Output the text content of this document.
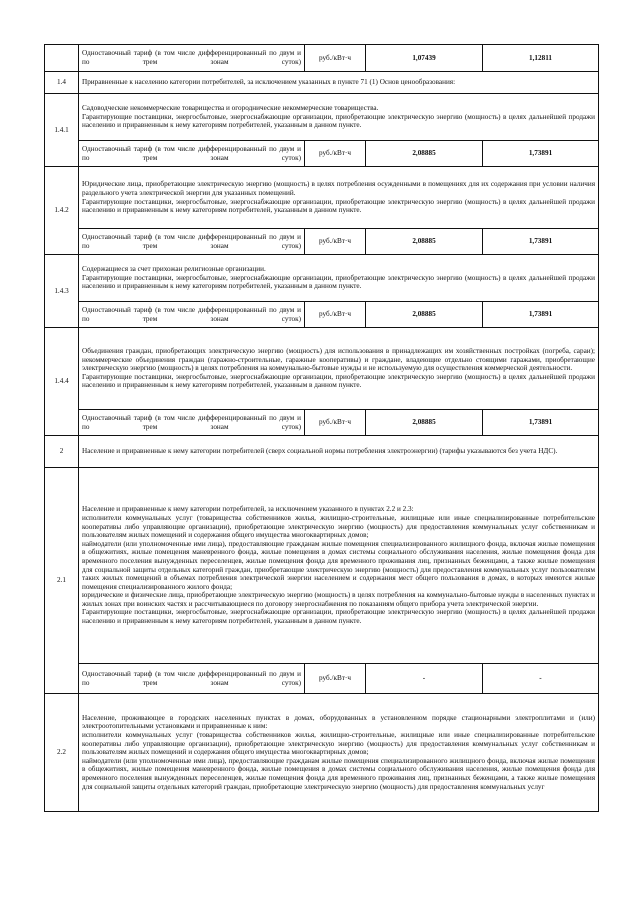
	Одноставочный тариф (в том числе дифференцированный по двум и по трем зонам суток)	руб./кВт·ч	1,07439	1,12811
1.4	Приравненные к населению категории потребителей, за исключением указанных в пункте 71 (1) Основ ценообразования:			
1.4.1	Садоводческие некоммерческие товарищества и огороднические некоммерческие товарищества.
Гарантирующие поставщики, энергосбытовые, энергоснабжающие организации, приобретающие электрическую энергию (мощность) в целях дальнейшей продажи населению и приравненным к нему категориям потребителей, указанным в данном пункте.			

	Одноставочный тариф (в том числе дифференцированный по двум и по трем зонам суток)	руб./кВт·ч	2,08885	1,73891
1.4.2	Юридические лица, приобретающие электрическую энергию (мощность) в целях потребления осужденными в помещениях для их содержания при условии наличия раздельного учета электрической энергии для указанных помещений.
Гарантирующие поставщики, энергосбытовые, энергоснабжающие организации, приобретающие электрическую энергию (мощность) в целях дальнейшей продажи населению и приравненным к нему категориям потребителей, указанным в данном пункте.			

	Одноставочный тариф (в том числе дифференцированный по двум и по трем зонам суток)	руб./кВт·ч	2,08885	1,73891
1.4.3	Содержащиеся за счет прихожан религиозные организации.
Гарантирующие поставщики, энергосбытовые, энергоснабжающие организации, приобретающие электрическую энергию (мощность) в целях дальнейшей продажи населению и приравненным к нему категориям потребителей, указанным в данном пункте.			

	Одноставочный тариф (в том числе дифференцированный по двум и по трем зонам суток)	руб./кВт·ч	2,08885	1,73891
1.4.4	Объединения граждан, приобретающих электрическую энергию (мощность) для использования в принадлежащих им хозяйственных постройках (погреба, сараи); некоммерческие объединения граждан (гаражно-строительные, гаражные кооперативы) и граждане, владеющие отдельно стоящими гаражами, приобретающие электрическую энергию (мощность) в целях потребления на коммунально-бытовые нужды и не используемую для осуществления коммерческой деятельности.
Гарантирующие поставщики, энергосбытовые, энергоснабжающие организации, приобретающие электрическую энергию (мощность) в целях дальнейшей продажи населению и приравненным к нему категориям потребителей, указанным в данном пункте.			

	Одноставочный тариф (в том числе дифференцированный по двум и по трем зонам суток)	руб./кВт·ч	2,08885	1,73891
2	Население и приравненные к нему категории потребителей (сверх социальной нормы потребления электроэнергии) (тарифы указываются без учета НДС).			
2.1	Население и приравненные к нему категории потребителей, за исключением указанного в пунктах 2.2 и 2.3:
исполнители коммунальных услуг (товарищества собственников жилья, жилищно-строительные, жилищные или иные специализированные потребительские кооперативы либо управляющие организации), приобретающие электрическую энергию (мощность) для предоставления коммунальных услуг собственникам и пользователям жилых помещений и содержания общего имущества многоквартирных домов;
наймодатели (или уполномоченные ими лица), предоставляющие гражданам жилые помещения специализированного жилищного фонда, включая жилые помещения в общежитиях, жилые помещения маневренного фонда, жилые помещения в домах системы социального обслуживания населения, жилые помещения фонда для временного поселения вынужденных переселенцев, жилые помещения фонда для временного проживания лиц, признанных беженцами, а также жилые помещения для социальной защиты отдельных категорий граждан, приобретающие электрическую энергию (мощность) для предоставления коммунальных услуг пользователям таких жилых помещений в объемах потребления электрической энергии населением и содержания мест общего пользования в домах, в которых имеются жилые помещения специализированного жилого фонда;
юридические и физические лица, приобретающие электрическую энергию (мощность) в целях потребления на коммунально-бытовые нужды в населенных пунктах и жилых зонах при воинских частях и рассчитывающиеся по договору энергоснабжения по показаниям общего прибора учета электрической энергии.
Гарантирующие поставщики, энергосбытовые, энергоснабжающие организации, приобретающие электрическую энергию (мощность) в целях дальнейшей продажи населению и приравненным к нему категориям потребителей, указанным в данном пункте.			

	Одноставочный тариф (в том числе дифференцированный по двум и по трем зонам суток)	руб./кВт·ч	-	-
2.2	Население, проживающее в городских населенных пунктах в домах, оборудованных в установленном порядке стационарными электроплитами и (или) электроотопительными установками и приравненные к ним:
исполнители коммунальных услуг (товарищества собственников жилья, жилищно-строительные, жилищные или иные специализированные потребительские кооперативы либо управляющие организации), приобретающие электрическую энергию (мощность) для предоставления коммунальных услуг собственникам и пользователям жилых помещений и содержания общего имущества многоквартирных домов;
наймодатели (или уполномоченные ими лица), предоставляющие гражданам жилые помещения специализированного жилищного фонда, включая жилые помещения в общежитиях, жилые помещения маневренного фонда, жилые помещения в домах системы социального обслуживания населения, жилые помещения фонда для временного поселения вынужденных переселенцев, жилые помещения фонда для временного проживания лиц, признанных беженцами, а также жилые помещения для социальной защиты отдельных категорий граждан, приобретающие электрическую энергию (мощность) для предоставления коммунальных услуг			
